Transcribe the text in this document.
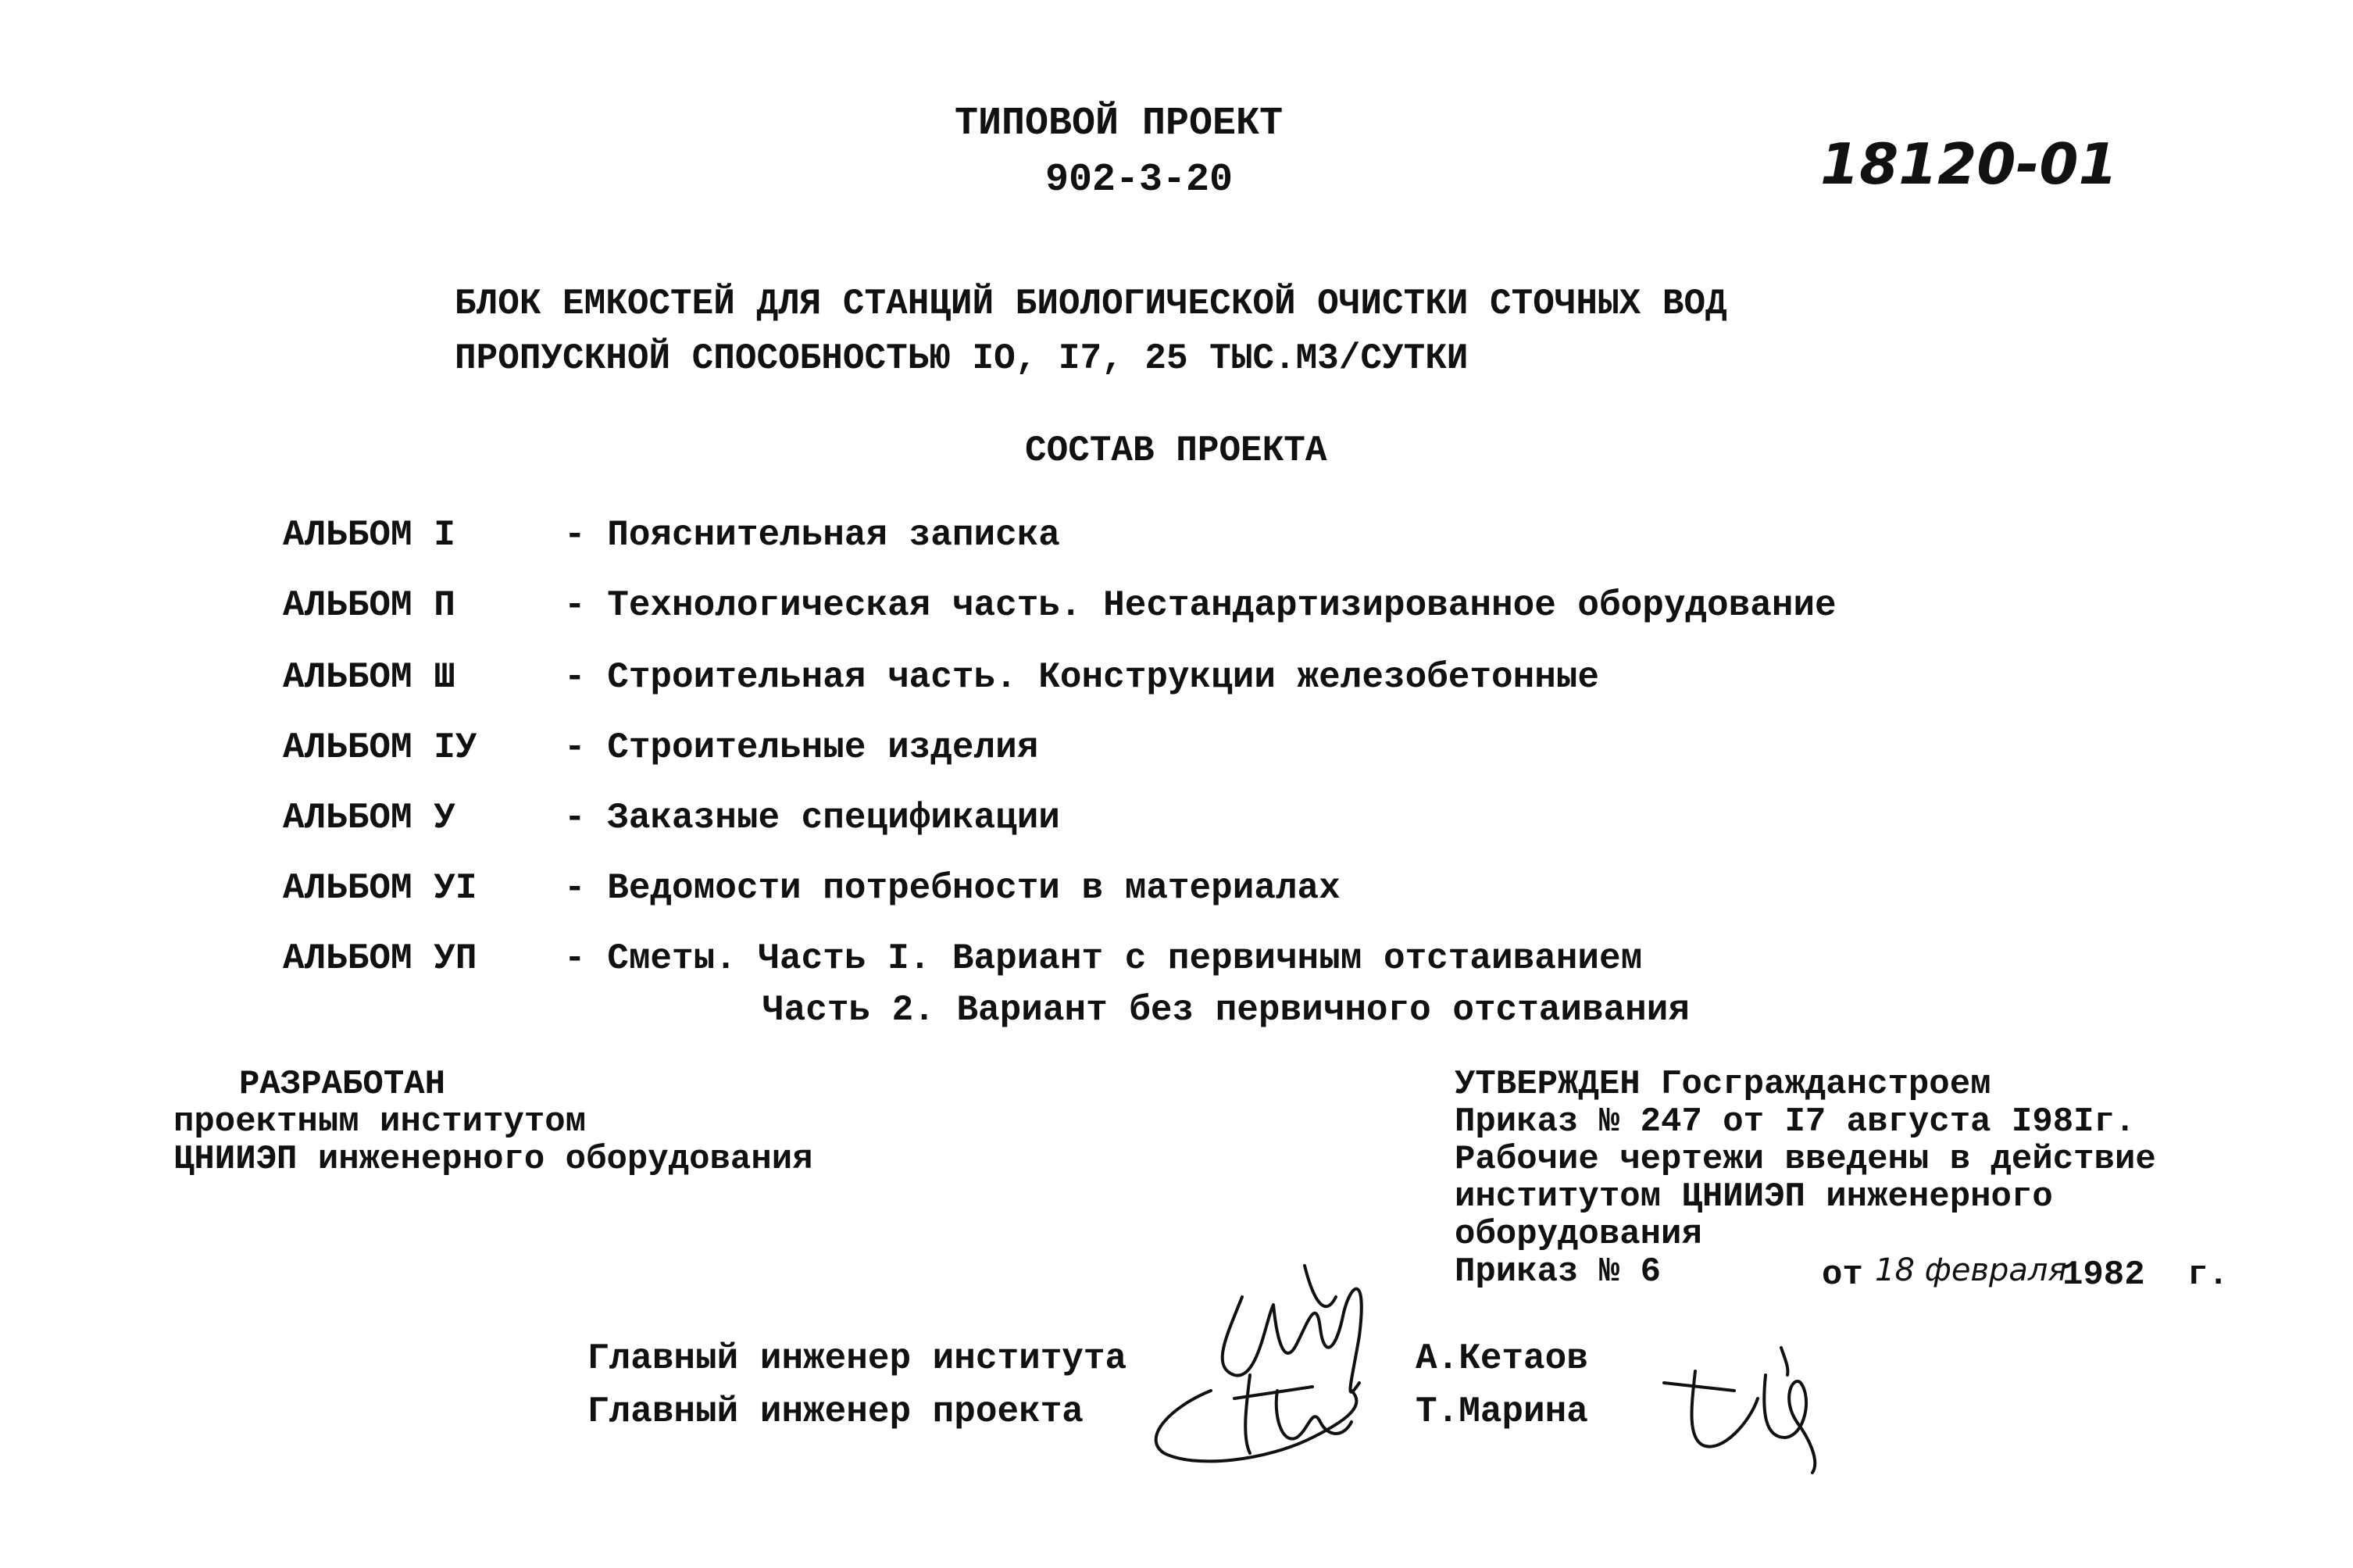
ТИПОВОЙ ПРОЕКТ
902-3-20	18120-01
БЛОК ЕМКОСТЕЙ ДЛЯ СТАНЦИЙ БИОЛОГИЧЕСКОЙ ОЧИСТКИ СТОЧНЫХ ВОД
ПРОПУСКНОЙ СПОСОБНОСТЬЮ IO, I7, 25 ТЫС.М3/СУТКИ
СОСТАВ ПРОЕКТА
АЛЬБОМ I	- Пояснительная записка
АЛЬБОМ П	- Технологическая часть. Нестандартизированное оборудование
АЛЬБОМ Ш	- Строительная часть. Конструкции железобетонные
АЛЬБОМ IУ - Строительные изделия
АЛЬБОМ У	- Заказные спецификации
АЛЬБОМ УI - Ведомости потребности в материалах
АЛЬБОМ УП - Сметы. Часть I. Вариант с первичным отстаиванием
Часть 2. Вариант без первичного отстаивания
РАЗРАБОТАН
проектным институтом
ЦНИИЭП инженерного оборудования
УТВЕРЖДЕН Госгражданстроем
Приказ № 247 от I7 августа I98Iг.
Рабочие чертежи введены в действие
институтом ЦНИИЭП инженерного
оборудования
Приказ № 6	от 18 февраля
1982 г.
Главный инженер института	А.Кетаов
Главный инженер проекта	Т.Марина
